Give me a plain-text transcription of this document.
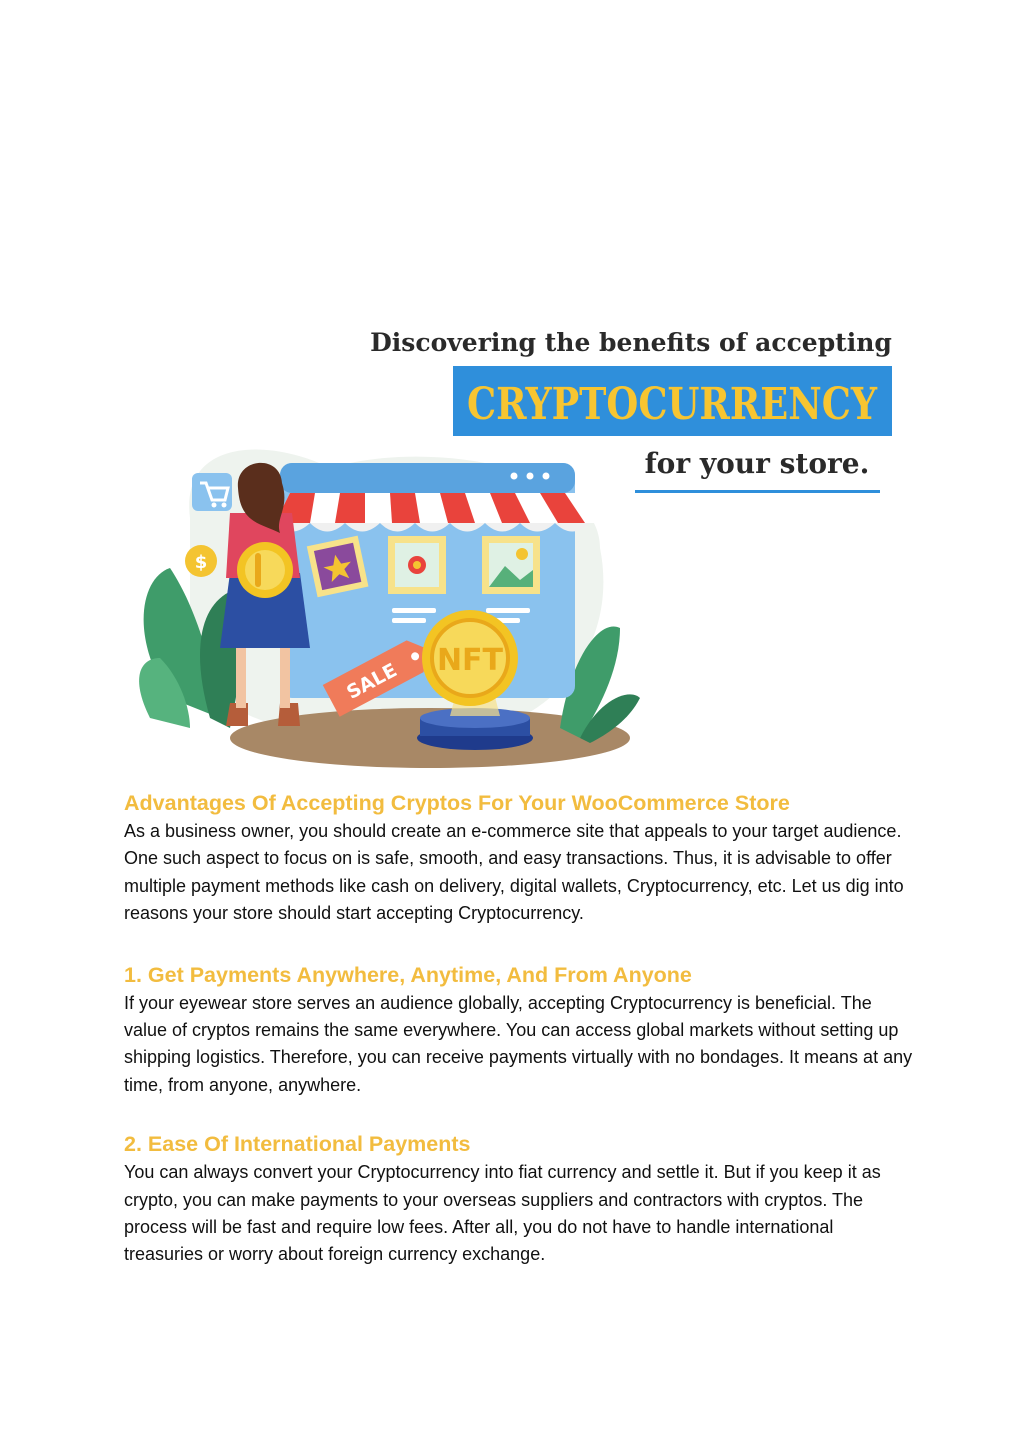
$
SALE NFT
Discovering the benefits of accepting
CRYPTOCURRENCY
for your store.
Advantages Of Accepting Cryptos For Your WooCommerce Store

As a business owner, you should create an e-commerce site that appeals to your target audience. One such aspect to focus on is safe, smooth, and easy transactions. Thus, it is advisable to offer multiple payment methods like cash on delivery, digital wallets, Cryptocurrency, etc. Let us dig into reasons your store should start accepting Cryptocurrency.

1. Get Payments Anywhere, Anytime, And From Anyone

If your eyewear store serves an audience globally, accepting Cryptocurrency is beneficial. The value of cryptos remains the same everywhere. You can access global markets without setting up shipping logistics. Therefore, you can receive payments virtually with no bondages. It means at any time, from anyone, anywhere.

2. Ease Of International Payments

You can always convert your Cryptocurrency into fiat currency and settle it. But if you keep it as crypto, you can make payments to your overseas suppliers and contractors with cryptos. The process will be fast and require low fees. After all, you do not have to handle international treasuries or worry about foreign currency exchange.
